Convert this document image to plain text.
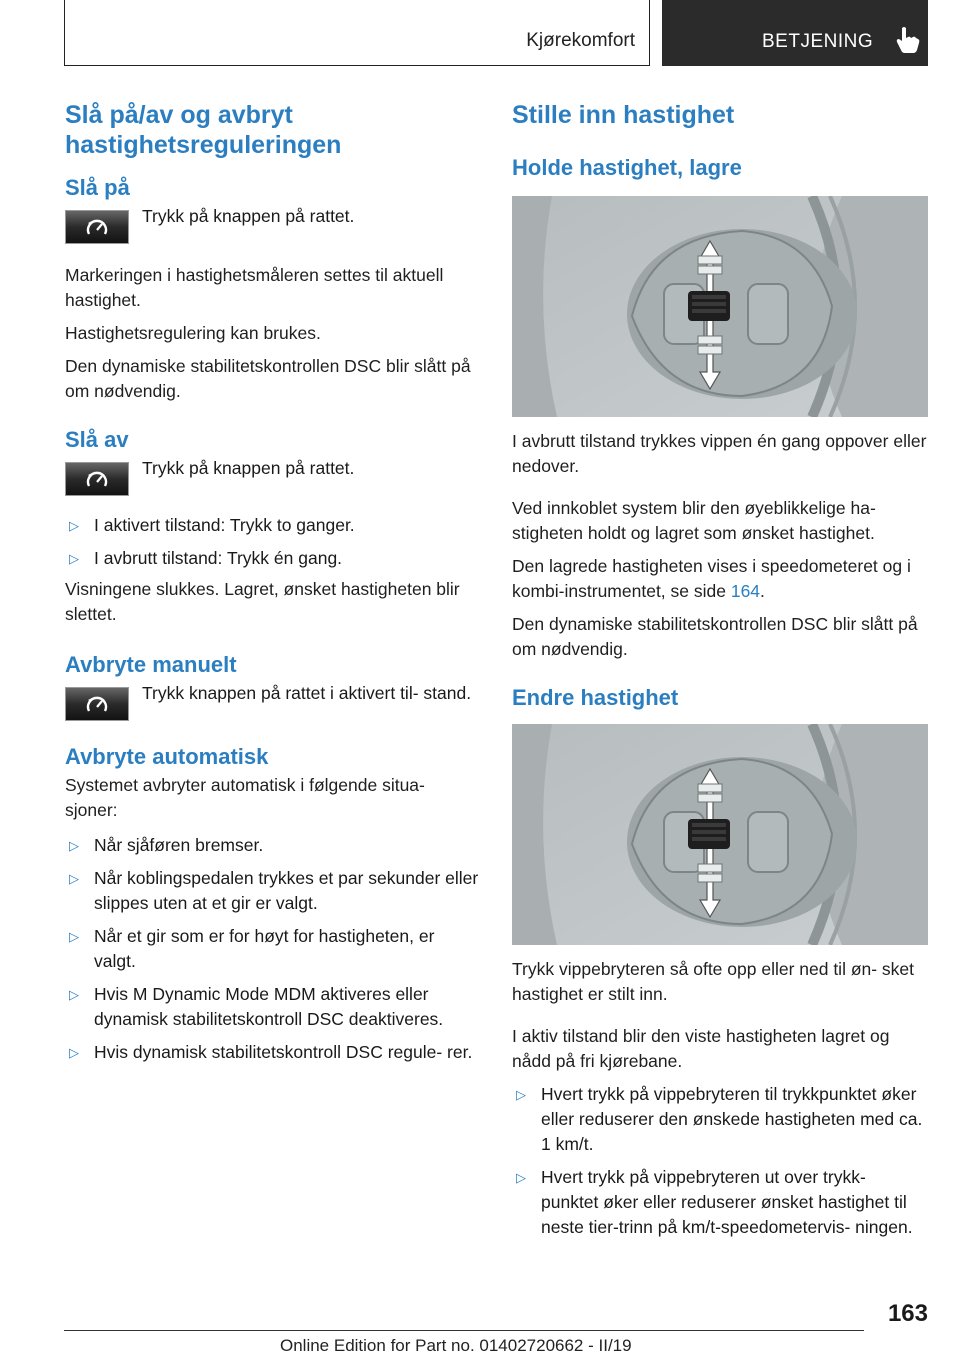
Kjørekomfort	BETJENING
Slå på/av og avbryt hastighetsreguleringen
Slå på

Trykk på knappen på rattet.

Markeringen i hastighetsmåleren settes til aktuell hastighet.

Hastighetsregulering kan brukes.

Den dynamiske stabilitetskontrollen DSC blir slått på om nødvendig.

Slå av

Trykk på knappen på rattet.

▷ I aktivert tilstand: Trykk to ganger.
▷ I avbrutt tilstand: Trykk én gang.

Visningene slukkes. Lagret, ønsket hastigheten blir slettet.

Avbryte manuelt

Trykk knappen på rattet i aktivert til‐ stand.

Avbryte automatisk

Systemet avbryter automatisk i følgende situa‐ sjoner:

▷ Når sjåføren bremser.
▷ Når koblingspedalen trykkes et par sekunder eller slippes uten at et gir er valgt.
▷ Når et gir som er for høyt for hastigheten, er valgt.
▷ Hvis M Dynamic Mode MDM aktiveres eller dynamisk stabilitetskontroll DSC deaktiveres.
▷ Hvis dynamisk stabilitetskontroll DSC regule‐ rer.
Stille inn hastighet
Holde hastighet, lagre

I avbrutt tilstand trykkes vippen én gang oppover eller nedover.

Ved innkoblet system blir den øyeblikkelige ha‐ stigheten holdt og lagret som ønsket hastighet.

Den lagrede hastigheten vises i speedometeret og i kombi-instrumentet, se side 164.

Den dynamiske stabilitetskontrollen DSC blir slått på om nødvendig.

Endre hastighet

Trykk vippebryteren så ofte opp eller ned til øn‐ sket hastighet er stilt inn.

I aktiv tilstand blir den viste hastigheten lagret og nådd på fri kjørebane.

▷ Hvert trykk på vippebryteren til trykkpunktet øker eller reduserer den ønskede hastigheten med ca. 1 km/t.
▷ Hvert trykk på vippebryteren ut over trykk‐ punktet øker eller reduserer ønsket hastighet til neste tier-trinn på km/t-speedometervis‐ ningen.
163
Online Edition for Part no. 01402720662 - II/19
